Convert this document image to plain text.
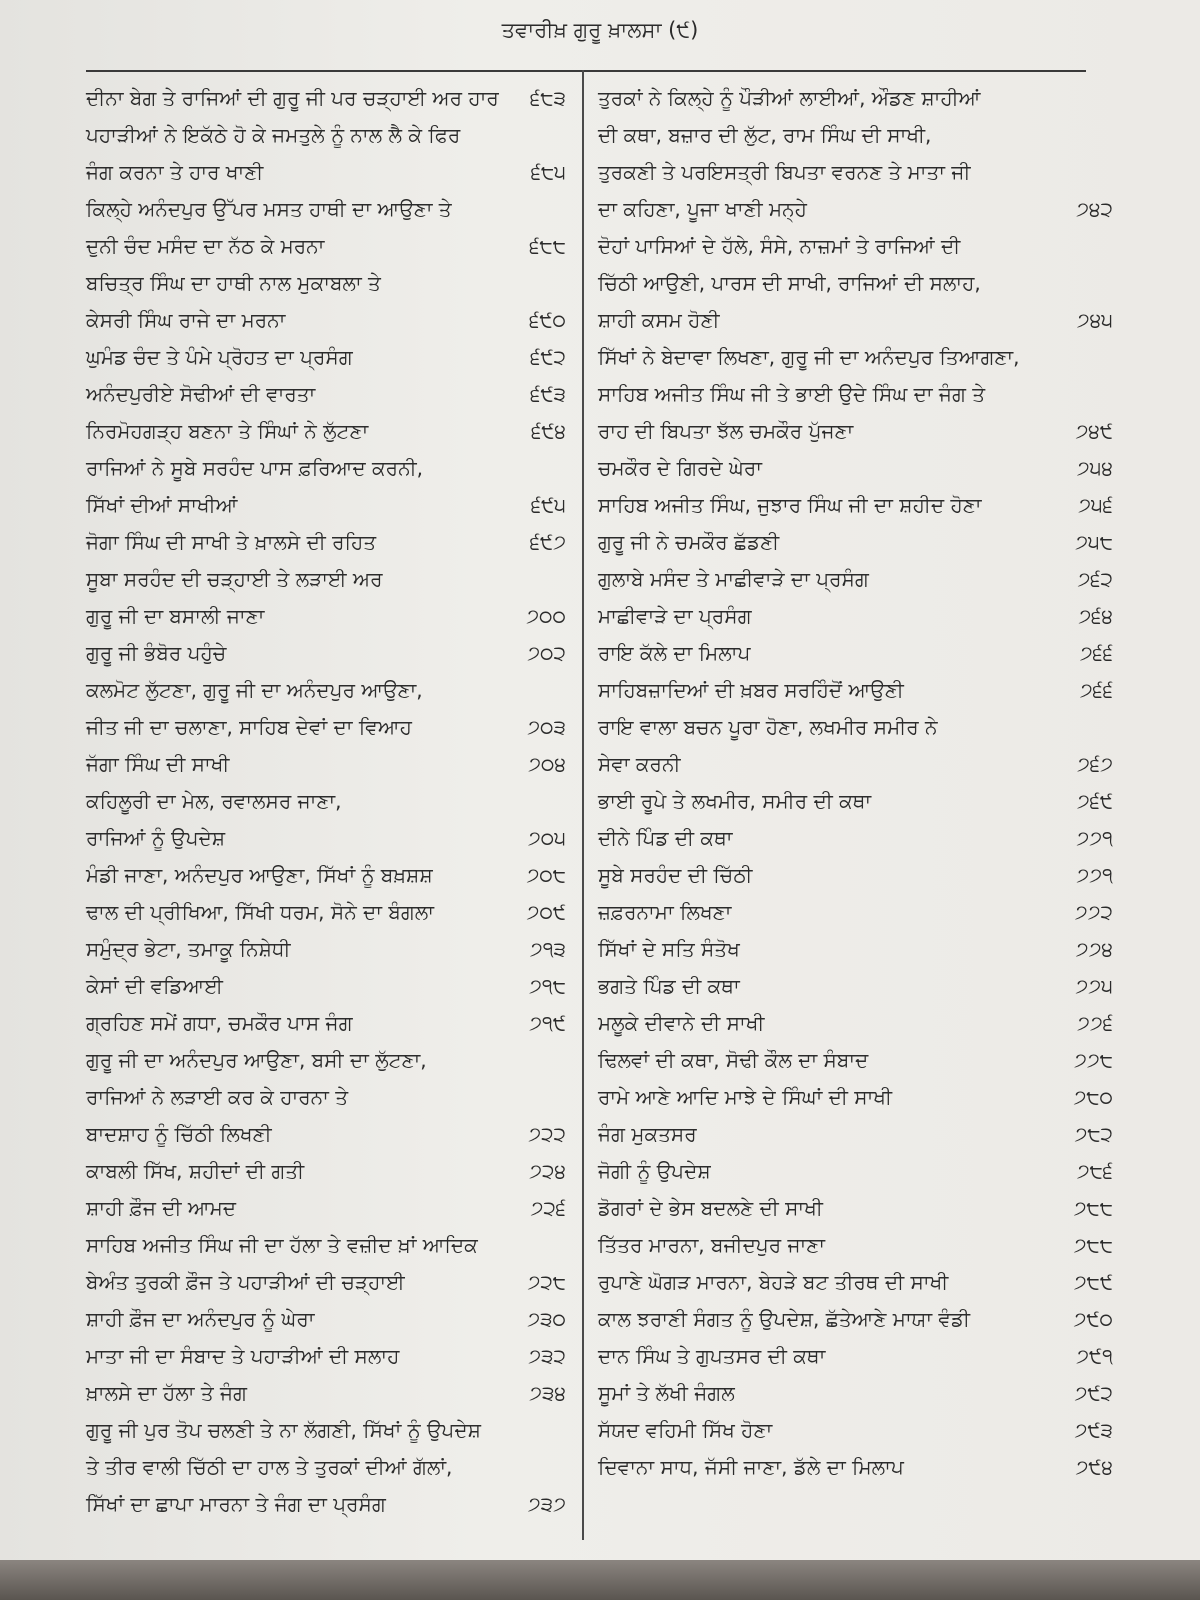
ਤਵਾਰੀਖ਼ ਗੁਰੂ ਖ਼ਾਲਸਾ (੯)
ਦੀਨਾ ਬੇਗ ਤੇ ਰਾਜਿਆਂ ਦੀ ਗੁਰੂ ਜੀ ਪਰ ਚੜ੍ਹਾਈ ਅਰ ਹਾਰ	੬੮੩
ਪਹਾੜੀਆਂ ਨੇ ਇਕੱਠੇ ਹੋ ਕੇ ਜਮਤੁਲੇ ਨੂੰ ਨਾਲ ਲੈ ਕੇ ਫਿਰ
ਜੰਗ ਕਰਨਾ ਤੇ ਹਾਰ ਖਾਣੀ	੬੮੫
ਕਿਲ੍ਹੇ ਅਨੰਦਪੁਰ ਉੱਪਰ ਮਸਤ ਹਾਥੀ ਦਾ ਆਉਣਾ ਤੇ
ਦੁਨੀ ਚੰਦ ਮਸੰਦ ਦਾ ਨੱਠ ਕੇ ਮਰਨਾ	੬੮੮
ਬਚਿਤ੍ਰ ਸਿੰਘ ਦਾ ਹਾਥੀ ਨਾਲ ਮੁਕਾਬਲਾ ਤੇ
ਕੇਸਰੀ ਸਿੰਘ ਰਾਜੇ ਦਾ ਮਰਨਾ	੬੯੦
ਘੁਮੰਡ ਚੰਦ ਤੇ ਪੰਮੇ ਪ੍ਰੋਹਤ ਦਾ ਪ੍ਰਸੰਗ	੬੯੨
ਅਨੰਦਪੁਰੀਏ ਸੋਢੀਆਂ ਦੀ ਵਾਰਤਾ	੬੯੩
ਨਿਰਮੋਹਗੜ੍ਹ ਬਣਨਾ ਤੇ ਸਿੰਘਾਂ ਨੇ ਲੁੱਟਣਾ	੬੯੪
ਰਾਜਿਆਂ ਨੇ ਸੂਬੇ ਸਰਹੰਦ ਪਾਸ ਫ਼ਰਿਆਦ ਕਰਨੀ,
ਸਿੱਖਾਂ ਦੀਆਂ ਸਾਖੀਆਂ	੬੯੫
ਜੋਗਾ ਸਿੰਘ ਦੀ ਸਾਖੀ ਤੇ ਖ਼ਾਲਸੇ ਦੀ ਰਹਿਤ	੬੯੭
ਸੂਬਾ ਸਰਹੰਦ ਦੀ ਚੜ੍ਹਾਈ ਤੇ ਲੜਾਈ ਅਰ
ਗੁਰੂ ਜੀ ਦਾ ਬਸਾਲੀ ਜਾਣਾ	੭੦੦
ਗੁਰੂ ਜੀ ਭੰਬੋਰ ਪਹੁੰਚੇ	੭੦੨
ਕਲਮੋਟ ਲੁੱਟਣਾ, ਗੁਰੂ ਜੀ ਦਾ ਅਨੰਦਪੁਰ ਆਉਣਾ,
ਜੀਤ ਜੀ ਦਾ ਚਲਾਣਾ, ਸਾਹਿਬ ਦੇਵਾਂ ਦਾ ਵਿਆਹ	੭੦੩
ਜੱਗਾ ਸਿੰਘ ਦੀ ਸਾਖੀ	੭੦੪
ਕਹਿਲੂਰੀ ਦਾ ਮੇਲ, ਰਵਾਲਸਰ ਜਾਣਾ,
ਰਾਜਿਆਂ ਨੂੰ ਉਪਦੇਸ਼	੭੦੫
ਮੰਡੀ ਜਾਣਾ, ਅਨੰਦਪੁਰ ਆਉਣਾ, ਸਿੱਖਾਂ ਨੂੰ ਬਖ਼ਸ਼ਸ਼	੭੦੮
ਢਾਲ ਦੀ ਪ੍ਰੀਖਿਆ, ਸਿੱਖੀ ਧਰਮ, ਸੋਨੇ ਦਾ ਬੰਗਲਾ	੭੦੯
ਸਮੁੰਦ੍ਰ ਭੇਟਾ, ਤਮਾਕੂ ਨਿਸ਼ੇਧੀ	੭੧੩
ਕੇਸਾਂ ਦੀ ਵਡਿਆਈ	੭੧੮
ਗ੍ਰਹਿਣ ਸਮੇਂ ਗਧਾ, ਚਮਕੌਰ ਪਾਸ ਜੰਗ	੭੧੯
ਗੁਰੂ ਜੀ ਦਾ ਅਨੰਦਪੁਰ ਆਉਣਾ, ਬਸੀ ਦਾ ਲੁੱਟਣਾ,
ਰਾਜਿਆਂ ਨੇ ਲੜਾਈ ਕਰ ਕੇ ਹਾਰਨਾ ਤੇ
ਬਾਦਸ਼ਾਹ ਨੂੰ ਚਿੱਠੀ ਲਿਖਣੀ	੭੨੨
ਕਾਬਲੀ ਸਿੱਖ, ਸ਼ਹੀਦਾਂ ਦੀ ਗਤੀ	੭੨੪
ਸ਼ਾਹੀ ਫ਼ੌਜ ਦੀ ਆਮਦ	੭੨੬
ਸਾਹਿਬ ਅਜੀਤ ਸਿੰਘ ਜੀ ਦਾ ਹੱਲਾ ਤੇ ਵਜ਼ੀਦ ਖ਼ਾਂ ਆਦਿਕ
ਬੇਅੰਤ ਤੁਰਕੀ ਫ਼ੌਜ ਤੇ ਪਹਾੜੀਆਂ ਦੀ ਚੜ੍ਹਾਈ	੭੨੮
ਸ਼ਾਹੀ ਫ਼ੌਜ ਦਾ ਅਨੰਦਪੁਰ ਨੂੰ ਘੇਰਾ	੭੩੦
ਮਾਤਾ ਜੀ ਦਾ ਸੰਬਾਦ ਤੇ ਪਹਾੜੀਆਂ ਦੀ ਸਲਾਹ	੭੩੨
ਖ਼ਾਲਸੇ ਦਾ ਹੱਲਾ ਤੇ ਜੰਗ	੭੩੪
ਗੁਰੂ ਜੀ ਪੁਰ ਤੋਪ ਚਲਣੀ ਤੇ ਨਾ ਲੱਗਣੀ, ਸਿੱਖਾਂ ਨੂੰ ਉਪਦੇਸ਼
ਤੇ ਤੀਰ ਵਾਲੀ ਚਿੱਠੀ ਦਾ ਹਾਲ ਤੇ ਤੁਰਕਾਂ ਦੀਆਂ ਗੱਲਾਂ,
ਸਿੱਖਾਂ ਦਾ ਛਾਪਾ ਮਾਰਨਾ ਤੇ ਜੰਗ ਦਾ ਪ੍ਰਸੰਗ	੭੩੭
ਤੁਰਕਾਂ ਨੇ ਕਿਲ੍ਹੇ ਨੂੰ ਪੌੜੀਆਂ ਲਾਈਆਂ, ਔਡਣ ਸ਼ਾਹੀਆਂ
ਦੀ ਕਥਾ, ਬਜ਼ਾਰ ਦੀ ਲੁੱਟ, ਰਾਮ ਸਿੰਘ ਦੀ ਸਾਖੀ,
ਤੁਰਕਣੀ ਤੇ ਪਰਇਸਤ੍ਰੀ ਬਿਪਤਾ ਵਰਨਣ ਤੇ ਮਾਤਾ ਜੀ
ਦਾ ਕਹਿਣਾ, ਪੂਜਾ ਖਾਣੀ ਮਨ੍ਹੇ	੭੪੨
ਦੋਹਾਂ ਪਾਸਿਆਂ ਦੇ ਹੱਲੇ, ਸੰਸੇ, ਨਾਜ਼ਮਾਂ ਤੇ ਰਾਜਿਆਂ ਦੀ
ਚਿੱਠੀ ਆਉਣੀ, ਪਾਰਸ ਦੀ ਸਾਖੀ, ਰਾਜਿਆਂ ਦੀ ਸਲਾਹ,
ਸ਼ਾਹੀ ਕਸਮ ਹੋਣੀ	੭੪੫
ਸਿੱਖਾਂ ਨੇ ਬੇਦਾਵਾ ਲਿਖਣਾ, ਗੁਰੂ ਜੀ ਦਾ ਅਨੰਦਪੁਰ ਤਿਆਗਣਾ,
ਸਾਹਿਬ ਅਜੀਤ ਸਿੰਘ ਜੀ ਤੇ ਭਾਈ ਉਦੇ ਸਿੰਘ ਦਾ ਜੰਗ ਤੇ
ਰਾਹ ਦੀ ਬਿਪਤਾ ਝੱਲ ਚਮਕੌਰ ਪੁੱਜਣਾ	੭੪੯
ਚਮਕੌਰ ਦੇ ਗਿਰਦੇ ਘੇਰਾ	੭੫੪
ਸਾਹਿਬ ਅਜੀਤ ਸਿੰਘ, ਜੁਝਾਰ ਸਿੰਘ ਜੀ ਦਾ ਸ਼ਹੀਦ ਹੋਣਾ	੭੫੬
ਗੁਰੂ ਜੀ ਨੇ ਚਮਕੌਰ ਛੱਡਣੀ	੭੫੮
ਗੁਲਾਬੇ ਮਸੰਦ ਤੇ ਮਾਛੀਵਾੜੇ ਦਾ ਪ੍ਰਸੰਗ	੭੬੨
ਮਾਛੀਵਾੜੇ ਦਾ ਪ੍ਰਸੰਗ	੭੬੪
ਰਾਇ ਕੱਲੇ ਦਾ ਮਿਲਾਪ	੭੬੬
ਸਾਹਿਬਜ਼ਾਦਿਆਂ ਦੀ ਖ਼ਬਰ ਸਰਹਿੰਦੋਂ ਆਉਣੀ	੭੬੬
ਰਾਇ ਵਾਲਾ ਬਚਨ ਪੂਰਾ ਹੋਣਾ, ਲਖਮੀਰ ਸਮੀਰ ਨੇ
ਸੇਵਾ ਕਰਨੀ	੭੬੭
ਭਾਈ ਰੂਪੇ ਤੇ ਲਖਮੀਰ, ਸਮੀਰ ਦੀ ਕਥਾ	੭੬੯
ਦੀਨੇ ਪਿੰਡ ਦੀ ਕਥਾ	੭੭੧
ਸੂਬੇ ਸਰਹੰਦ ਦੀ ਚਿੱਠੀ	੭੭੧
ਜ਼ਫ਼ਰਨਾਮਾ ਲਿਖਣਾ	੭੭੨
ਸਿੱਖਾਂ ਦੇ ਸਤਿ ਸੰਤੋਖ	੭੭੪
ਭਗਤੇ ਪਿੰਡ ਦੀ ਕਥਾ	੭੭੫
ਮਲੂਕੇ ਦੀਵਾਨੇ ਦੀ ਸਾਖੀ	੭੭੬
ਢਿਲਵਾਂ ਦੀ ਕਥਾ, ਸੋਢੀ ਕੌਲ ਦਾ ਸੰਬਾਦ	੭੭੮
ਰਾਮੇ ਆਣੇ ਆਦਿ ਮਾਝੇ ਦੇ ਸਿੰਘਾਂ ਦੀ ਸਾਖੀ	੭੮੦
ਜੰਗ ਮੁਕਤਸਰ	੭੮੨
ਜੋਗੀ ਨੂੰ ਉਪਦੇਸ਼	੭੮੬
ਡੋਗਰਾਂ ਦੇ ਭੇਸ ਬਦਲਣੇ ਦੀ ਸਾਖੀ	੭੮੮
ਤਿੱਤਰ ਮਾਰਨਾ, ਬਜੀਦਪੁਰ ਜਾਣਾ	੭੮੮
ਰੁਪਾਣੇ ਘੋਗੜ ਮਾਰਨਾ, ਬੇਹੜੇ ਬਟ ਤੀਰਥ ਦੀ ਸਾਖੀ	੭੮੯
ਕਾਲ ਝਰਾਣੀ ਸੰਗਤ ਨੂੰ ਉਪਦੇਸ਼, ਛੱਤੇਆਣੇ ਮਾਯਾ ਵੰਡੀ	੭੯੦
ਦਾਨ ਸਿੰਘ ਤੇ ਗੁਪਤਸਰ ਦੀ ਕਥਾ	੭੯੧
ਸੂਮਾਂ ਤੇ ਲੱਖੀ ਜੰਗਲ	੭੯੨
ਸੱਯਦ ਵਹਿਮੀ ਸਿੱਖ ਹੋਣਾ	੭੯੩
ਦਿਵਾਨਾ ਸਾਧ, ਜੱਸੀ ਜਾਣਾ, ਡੱਲੇ ਦਾ ਮਿਲਾਪ	੭੯੪
